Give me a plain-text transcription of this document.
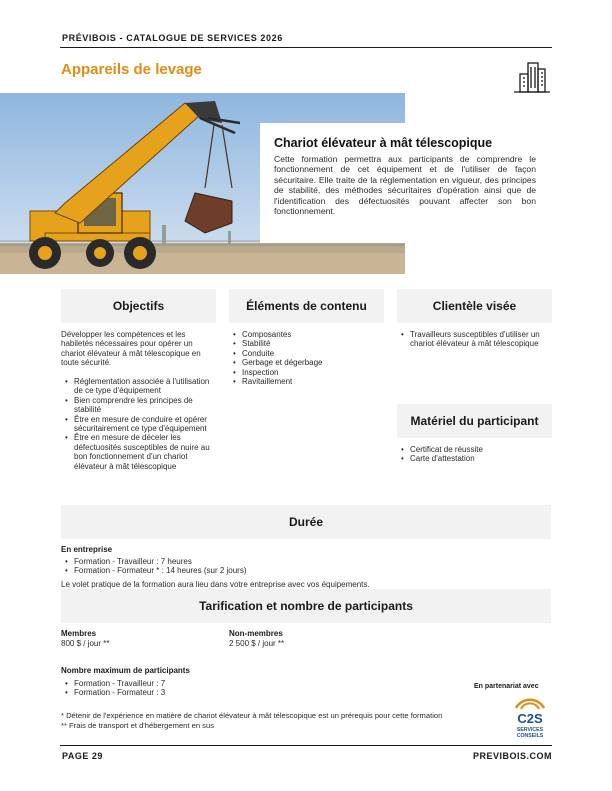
PRÉVIBOIS - CATALOGUE DE SERVICES 2026
Appareils de levage
Chariot élévateur à mât télescopique

Cette formation permettra aux participants de comprendre le fonctionnement de cet équipement et de l'utiliser de façon sécuritaire. Elle traite de la réglementation en vigueur, des principes de stabilité, des méthodes sécuritaires d'opération ainsi que de l'identification des défectuosités pouvant affecter son bon fonctionnement.

Objectifs	Éléments de contenu	Clientèle visée
Matériel du participant
Durée
Tarification et nombre de participants
Développer les compétences et les habiletés nécessaires pour opérer un chariot élévateur à mât télescopique en toute sécurité.
• Réglementation associée à l'utilisation de ce type d'équipement
• Bien comprendre les principes de stabilité
• Être en mesure de conduire et opérer sécuritairement ce type d'équipement
• Être en mesure de déceler les défectuosités susceptibles de nuire au bon fonctionnement d'un chariot élévateur à mât télescopique
• Composantes
• Stabilité
• Conduite
• Gerbage et dégerbage
• Inspection
• Ravitaillement
• Travailleurs susceptibles d'utiliser un chariot élévateur à mât télescopique
• Certificat de réussite
• Carte d'attestation
En entreprise
• Formation - Travailleur : 7 heures
• Formation - Formateur * : 14 heures (sur 2 jours)
Le volet pratique de la formation aura lieu dans votre entreprise avec vos équipements.
Membres
800 $ / jour **
Non-membres
2 500 $ / jour **
Nombre maximum de participants
• Formation - Travailleur : 7
• Formation - Formateur : 3
En partenariat avec
C2S
SERVICES
CONSEILS
* Détenir de l'expérience en matière de chariot élévateur à mât télescopique est un prérequis pour cette formation
** Frais de transport et d'hébergement en sus
PAGE 29	PREVIBOIS.COM
